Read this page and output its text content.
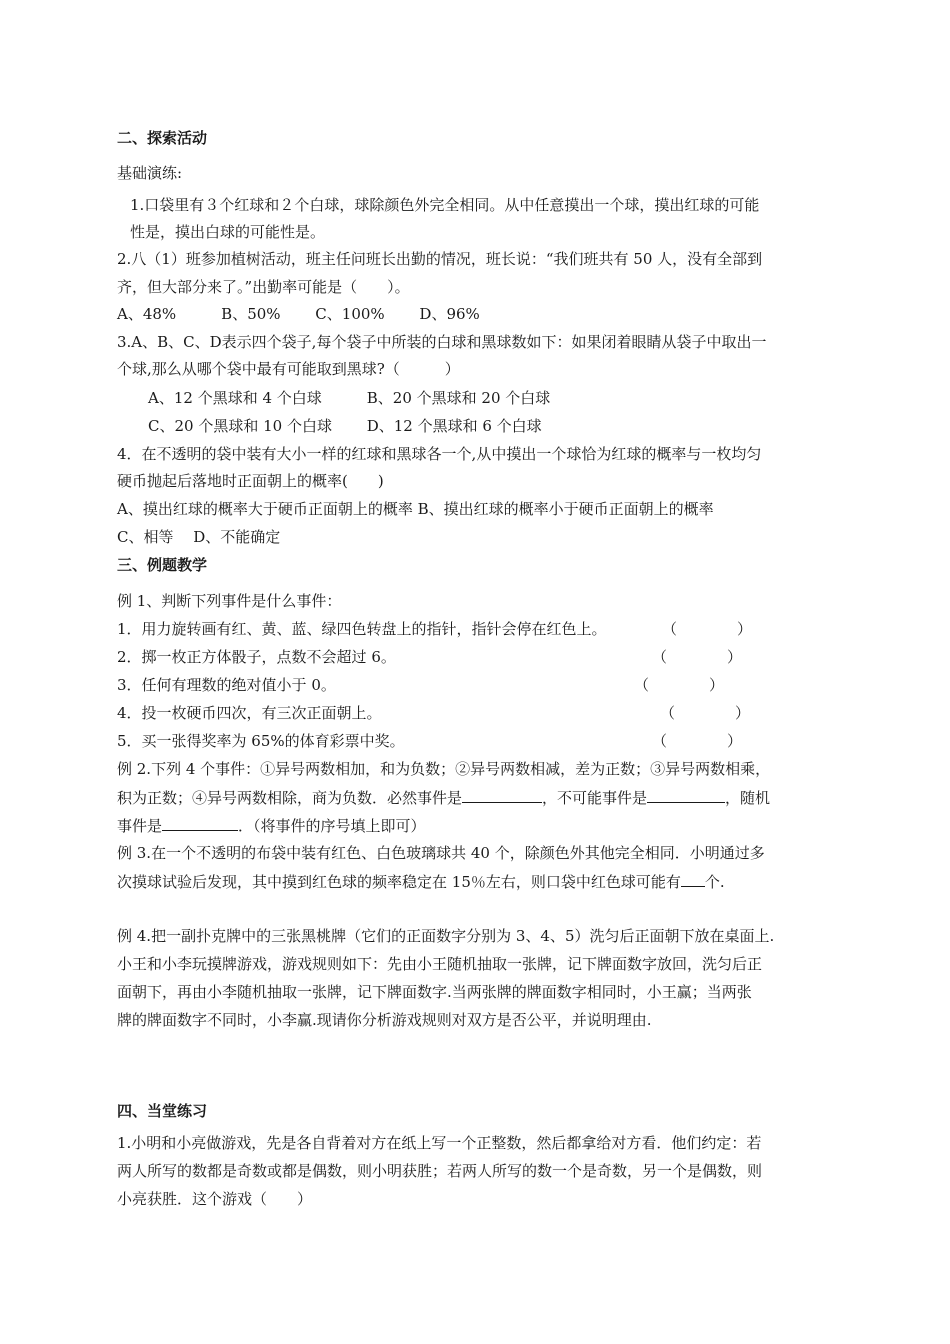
二、探索活动
基础演练:
1.口袋里有３个红球和２个白球，球除颜色外完全相同。从中任意摸出一个球，摸出红球的可能
性是，摸出白球的可能性是。
2.八（1）班参加植树活动，班主任问班长出勤的情况，班长说：“我们班共有 50 人，没有全部到
齐，但大部分来了。”出勤率可能是（　　）。
A、48%　　　B、50%　　 C、100%　　 D、96%
3.A、B、C、D表示四个袋子,每个袋子中所装的白球和黑球数如下：如果闭着眼睛从袋子中取出一
个球,那么从哪个袋中最有可能取到黑球?（　　　）
A、12 个黑球和 4 个白球　　　B、20 个黑球和 20 个白球
C、20 个黑球和 10 个白球　　 D、12 个黑球和 6 个白球
4．在不透明的袋中装有大小一样的红球和黑球各一个,从中摸出一个球恰为红球的概率与一枚均匀
硬币抛起后落地时正面朝上的概率(　　)
A、摸出红球的概率大于硬币正面朝上的概率 B、摸出红球的概率小于硬币正面朝上的概率
C、相等　 D、不能确定
三、例题教学
例 1、判断下列事件是什么事件：
1．用力旋转画有红、黄、蓝、绿四色转盘上的指针，指针会停在红色上。	（　　　　）
2．掷一枚正方体骰子，点数不会超过 6。	（　　　　）
3．任何有理数的绝对值小于 0。	（　　　　）
4．投一枚硬币四次，有三次正面朝上。	（　　　　）
5．买一张得奖率为 65%的体育彩票中奖。	（　　　　）
例 2.下列 4 个事件：①异号两数相加，和为负数；②异号两数相减，差为正数；③异号两数相乘，
积为正数；④异号两数相除，商为负数．必然事件是	，不可能事件是	，随机
事件是	．（将事件的序号填上即可）
例 3.在一个不透明的布袋中装有红色、白色玻璃球共 40 个，除颜色外其他完全相同．小明通过多
次摸球试验后发现，其中摸到红色球的频率稳定在 15％左右，则口袋中红色球可能有 个.
例 4.把一副扑克牌中的三张黑桃牌（它们的正面数字分别为 3、4、5）洗匀后正面朝下放在桌面上.
小王和小李玩摸牌游戏，游戏规则如下：先由小王随机抽取一张牌，记下牌面数字放回，洗匀后正
面朝下，再由小李随机抽取一张牌，记下牌面数字.当两张牌的牌面数字相同时，小王赢；当两张
牌的牌面数字不同时，小李赢.现请你分析游戏规则对双方是否公平，并说明理由.
四、当堂练习
1.小明和小亮做游戏，先是各自背着对方在纸上写一个正整数，然后都拿给对方看．他们约定：若
两人所写的数都是奇数或都是偶数，则小明获胜；若两人所写的数一个是奇数，另一个是偶数，则
小亮获胜．这个游戏（　　）
